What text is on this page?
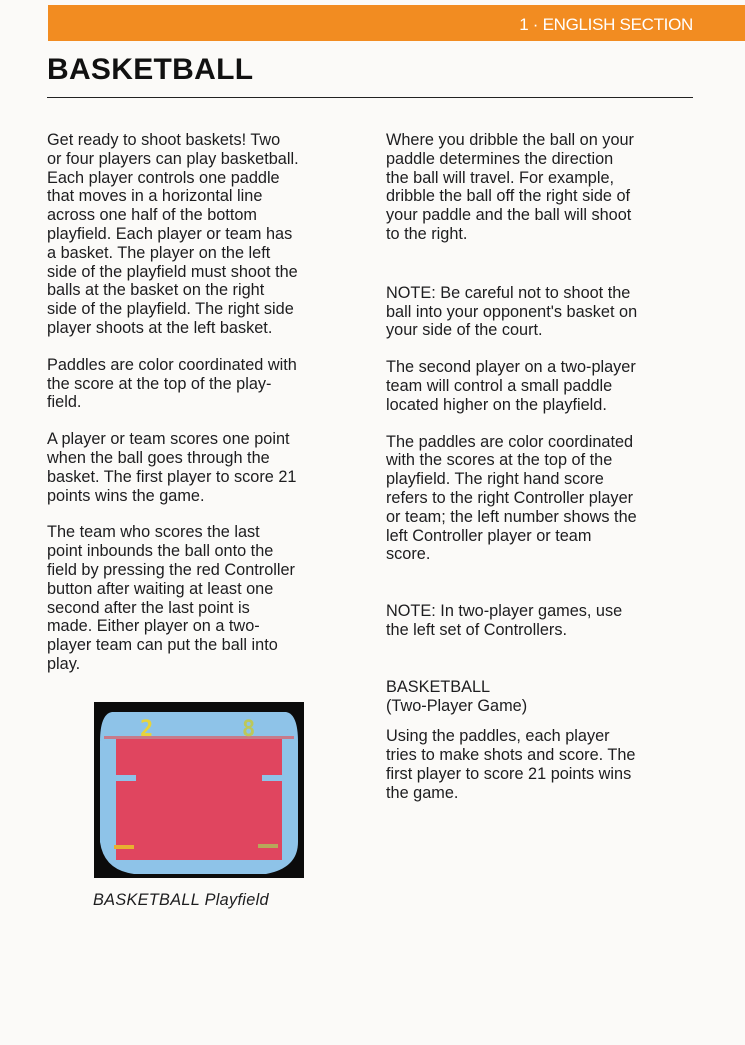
1 · ENGLISH SECTION
BASKETBALL

Get ready to shoot baskets! Two
or four players can play basketball.
Each player controls one paddle
that moves in a horizontal line
across one half of the bottom
playfield. Each player or team has
a basket. The player on the left
side of the playfield must shoot the
balls at the basket on the right
side of the playfield. The right side
player shoots at the left basket.

Paddles are color coordinated with
the score at the top of the play-
field.

A player or team scores one point
when the ball goes through the
basket. The first player to score 21
points wins the game.

The team who scores the last
point inbounds the ball onto the
field by pressing the red Controller
button after waiting at least one
second after the last point is
made. Either player on a two-
player team can put the ball into
play.

Where you dribble the ball on your
paddle determines the direction
the ball will travel. For example,
dribble the ball off the right side of
your paddle and the ball will shoot
to the right.

NOTE: Be careful not to shoot the
ball into your opponent's basket on
your side of the court.

The second player on a two-player
team will control a small paddle
located higher on the playfield.

The paddles are color coordinated
with the scores at the top of the
playfield. The right hand score
refers to the right Controller player
or team; the left number shows the
left Controller player or team
score.

NOTE: In two-player games, use
the left set of Controllers.

BASKETBALL

(Two-Player Game)

Using the paddles, each player
tries to make shots and score. The
first player to score 21 points wins
the game.

2	8
BASKETBALL Playfield
